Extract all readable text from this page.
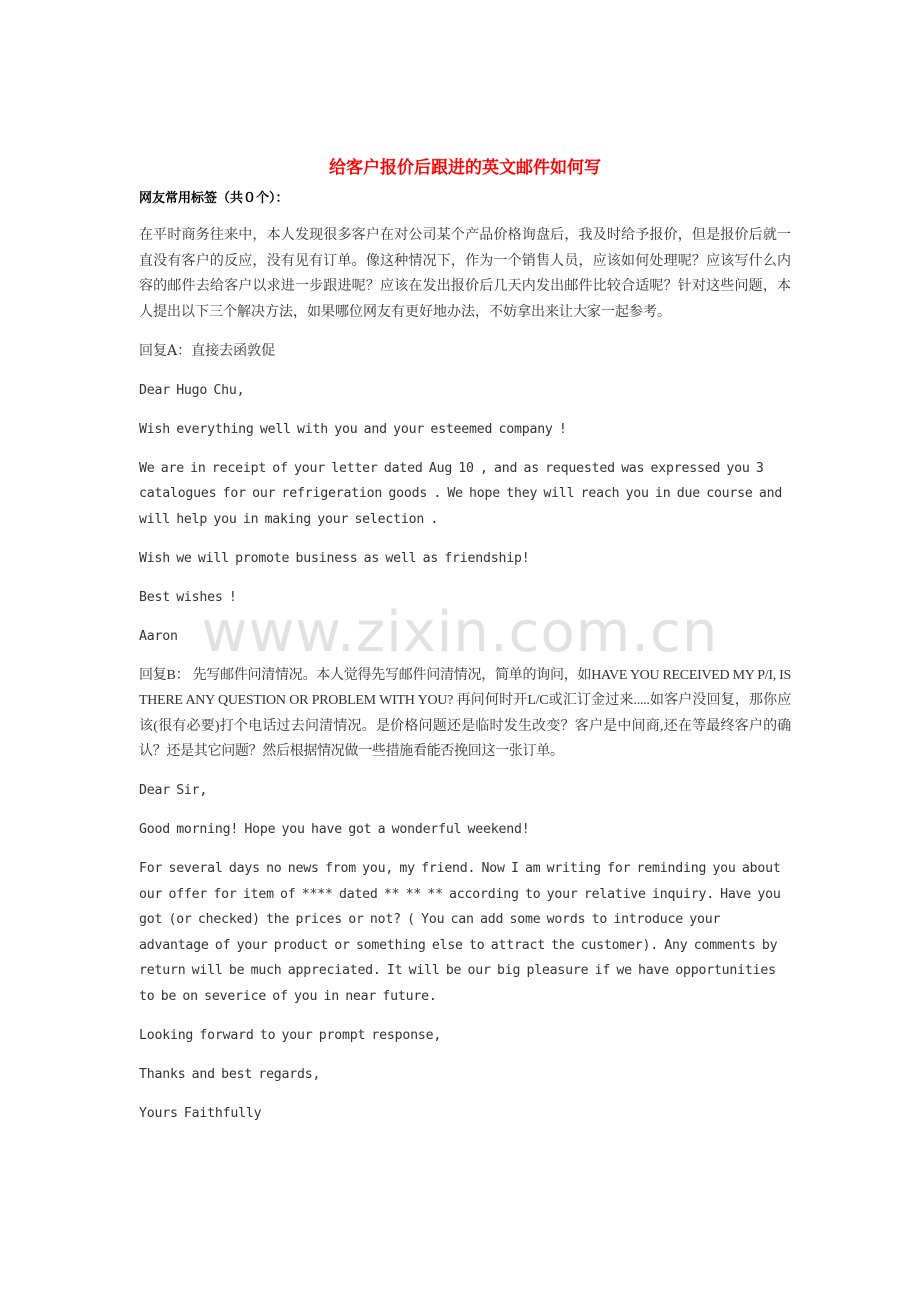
给客户报价后跟进的英文邮件如何写

网友常用标签（共０个）：

在平时商务往来中，本人发现很多客户在对公司某个产品价格询盘后，我及时给予报价，但是报价后就一直没有客户的反应，没有见有订单。像这种情况下，作为一个销售人员，应该如何处理呢？应该写什么内容的邮件去给客户以求进一步跟进呢？应该在发出报价后几天内发出邮件比较合适呢？针对这些问题，本人提出以下三个解决方法，如果哪位网友有更好地办法，不妨拿出来让大家一起参考。

回复A：直接去函敦促

Dear Hugo Chu,

Wish everything well with you and your esteemed company !

We are in receipt of your letter dated Aug 10 , and as requested was expressed you 3 catalogues for our refrigeration goods . We hope they will reach you in due course and will help you in making your selection .

Wish we will promote business as well as friendship!

Best wishes !

Aaron

回复B： 先写邮件问清情况。本人觉得先写邮件问清情况，简单的询问，如HAVE YOU RECEIVED MY P/I, IS THERE ANY QUESTION OR PROBLEM WITH YOU? 再问何时开L/C或汇订金过来.....如客户没回复，那你应该(很有必要)打个电话过去问清情况。是价格问题还是临时发生改变？客户是中间商,还在等最终客户的确认？还是其它问题？然后根据情况做一些措施看能否挽回这一张订单。

Dear Sir,

Good morning! Hope you have got a wonderful weekend!

For several days no news from you, my friend. Now I am writing for reminding you about our offer for item of **** dated ** ** ** according to your relative inquiry. Have you got (or checked) the prices or not? ( You can add some words to introduce your advantage of your product or something else to attract the customer). Any comments by return will be much appreciated. It will be our big pleasure if we have opportunities to be on severice of you in near future.

Looking forward to your prompt response,

Thanks and best regards,

Yours Faithfully

www.zixin.com.cn
